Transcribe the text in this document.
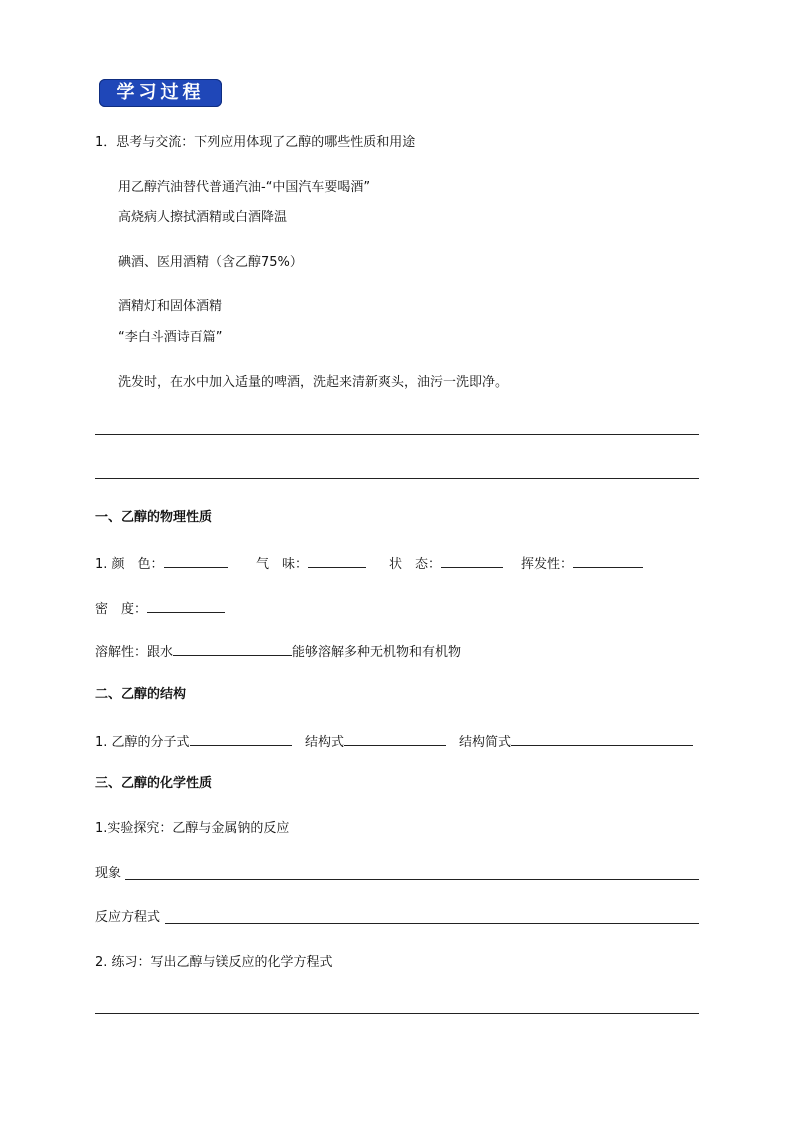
学习过程
1．思考与交流：下列应用体现了乙醇的哪些性质和用途
用乙醇汽油替代普通汽油-“中国汽车要喝酒”
高烧病人擦拭酒精或白酒降温
碘酒、医用酒精（含乙醇75%）
酒精灯和固体酒精
“李白斗酒诗百篇”
洗发时，在水中加入适量的啤酒，洗起来清新爽头，油污一洗即净。
一、乙醇的物理性质
1. 颜　色：	气　味：	状　态：	挥发性：
密　度：
溶解性：跟水	能够溶解多种无机物和有机物
二、乙醇的结构
1. 乙醇的分子式	结构式	结构简式
三、乙醇的化学性质
1.实验探究：乙醇与金属钠的反应
现象
反应方程式
2. 练习：写出乙醇与镁反应的化学方程式
